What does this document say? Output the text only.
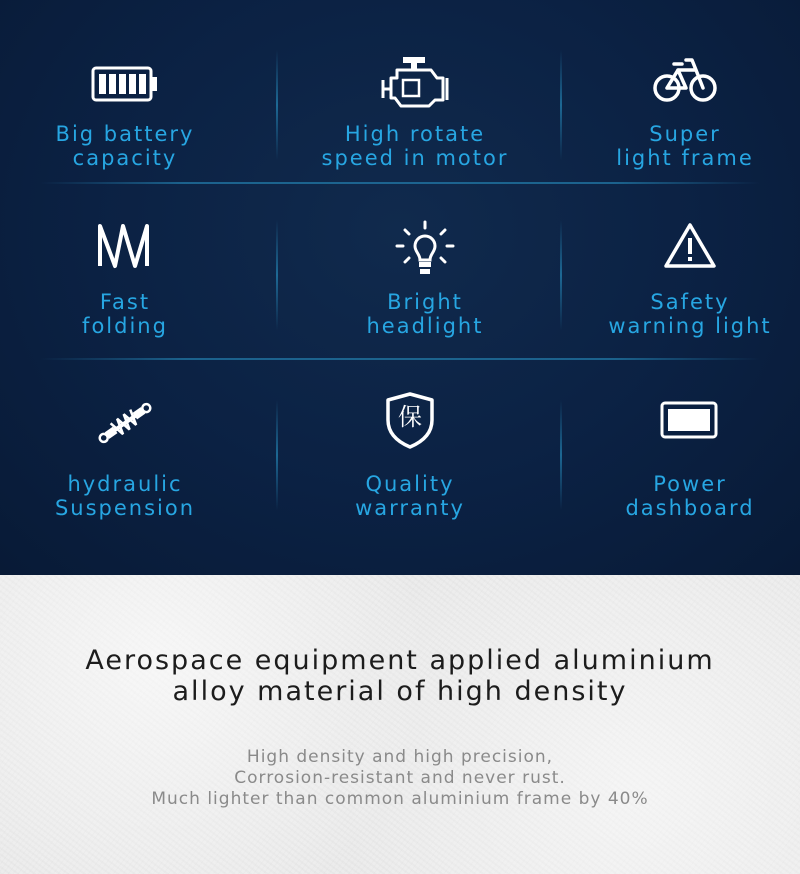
Big battery
capacity
High rotate
speed in motor
Super
light frame
Fast
folding
Bright
headlight
Safety
warning light
hydraulic
Suspension
保
Quality
warranty
Power
dashboard
Aerospace equipment applied aluminium
alloy material of high density
High density and high precision,
Corrosion-resistant and never rust.
Much lighter than common aluminium frame by 40%
